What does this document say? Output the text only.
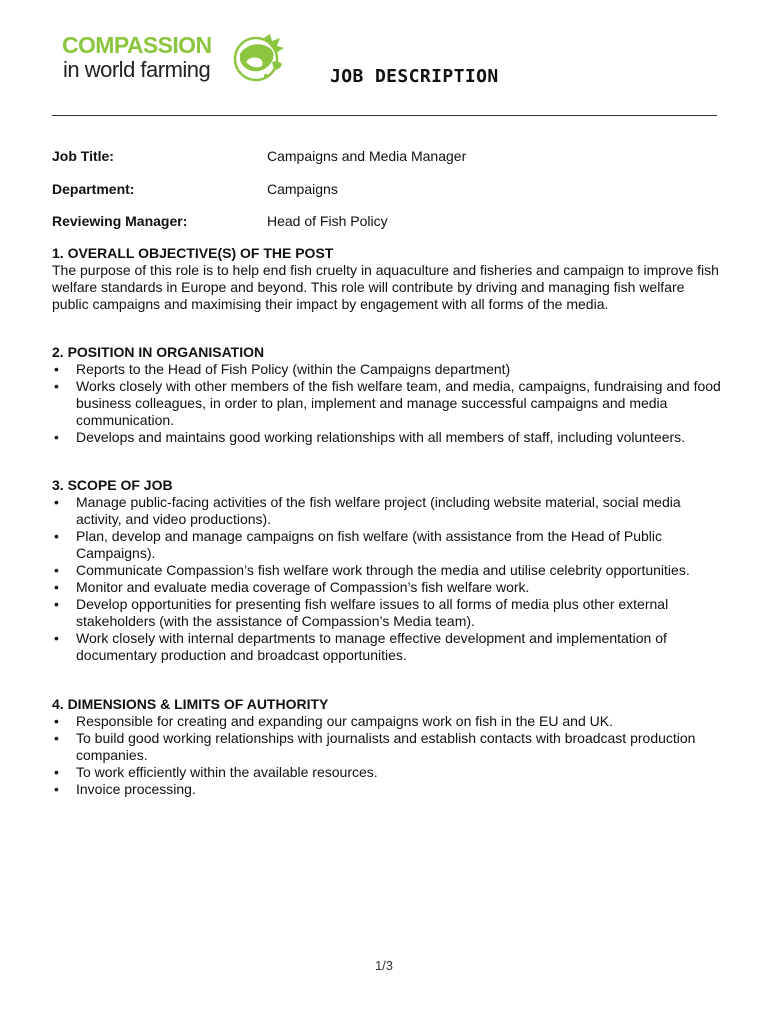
COMPASSION
in world farming	JOB DESCRIPTION
Job Title:	Campaigns and Media Manager
Department:	Campaigns
Reviewing Manager:	Head of Fish Policy
1. OVERALL OBJECTIVE(S) OF THE POST

The purpose of this role is to help end fish cruelty in aquaculture and fisheries and campaign to improve fish welfare standards in Europe and beyond. This role will contribute by driving and managing fish welfare public campaigns and maximising their impact by engagement with all forms of the media.

2. POSITION IN ORGANISATION
• Reports to the Head of Fish Policy (within the Campaigns department)
• Works closely with other members of the fish welfare team, and media, campaigns, fundraising and food business colleagues, in order to plan, implement and manage successful campaigns and media communication.
• Develops and maintains good working relationships with all members of staff, including volunteers.
3. SCOPE OF JOB
• Manage public-facing activities of the fish welfare project (including website material, social media activity, and video productions).
• Plan, develop and manage campaigns on fish welfare (with assistance from the Head of Public Campaigns).
• Communicate Compassion’s fish welfare work through the media and utilise celebrity opportunities.
• Monitor and evaluate media coverage of Compassion’s fish welfare work.
• Develop opportunities for presenting fish welfare issues to all forms of media plus other external stakeholders (with the assistance of Compassion’s Media team).
• Work closely with internal departments to manage effective development and implementation of documentary production and broadcast opportunities.
4. DIMENSIONS & LIMITS OF AUTHORITY
• Responsible for creating and expanding our campaigns work on fish in the EU and UK.
• To build good working relationships with journalists and establish contacts with broadcast production companies.
• To work efficiently within the available resources.
• Invoice processing.
1/3
